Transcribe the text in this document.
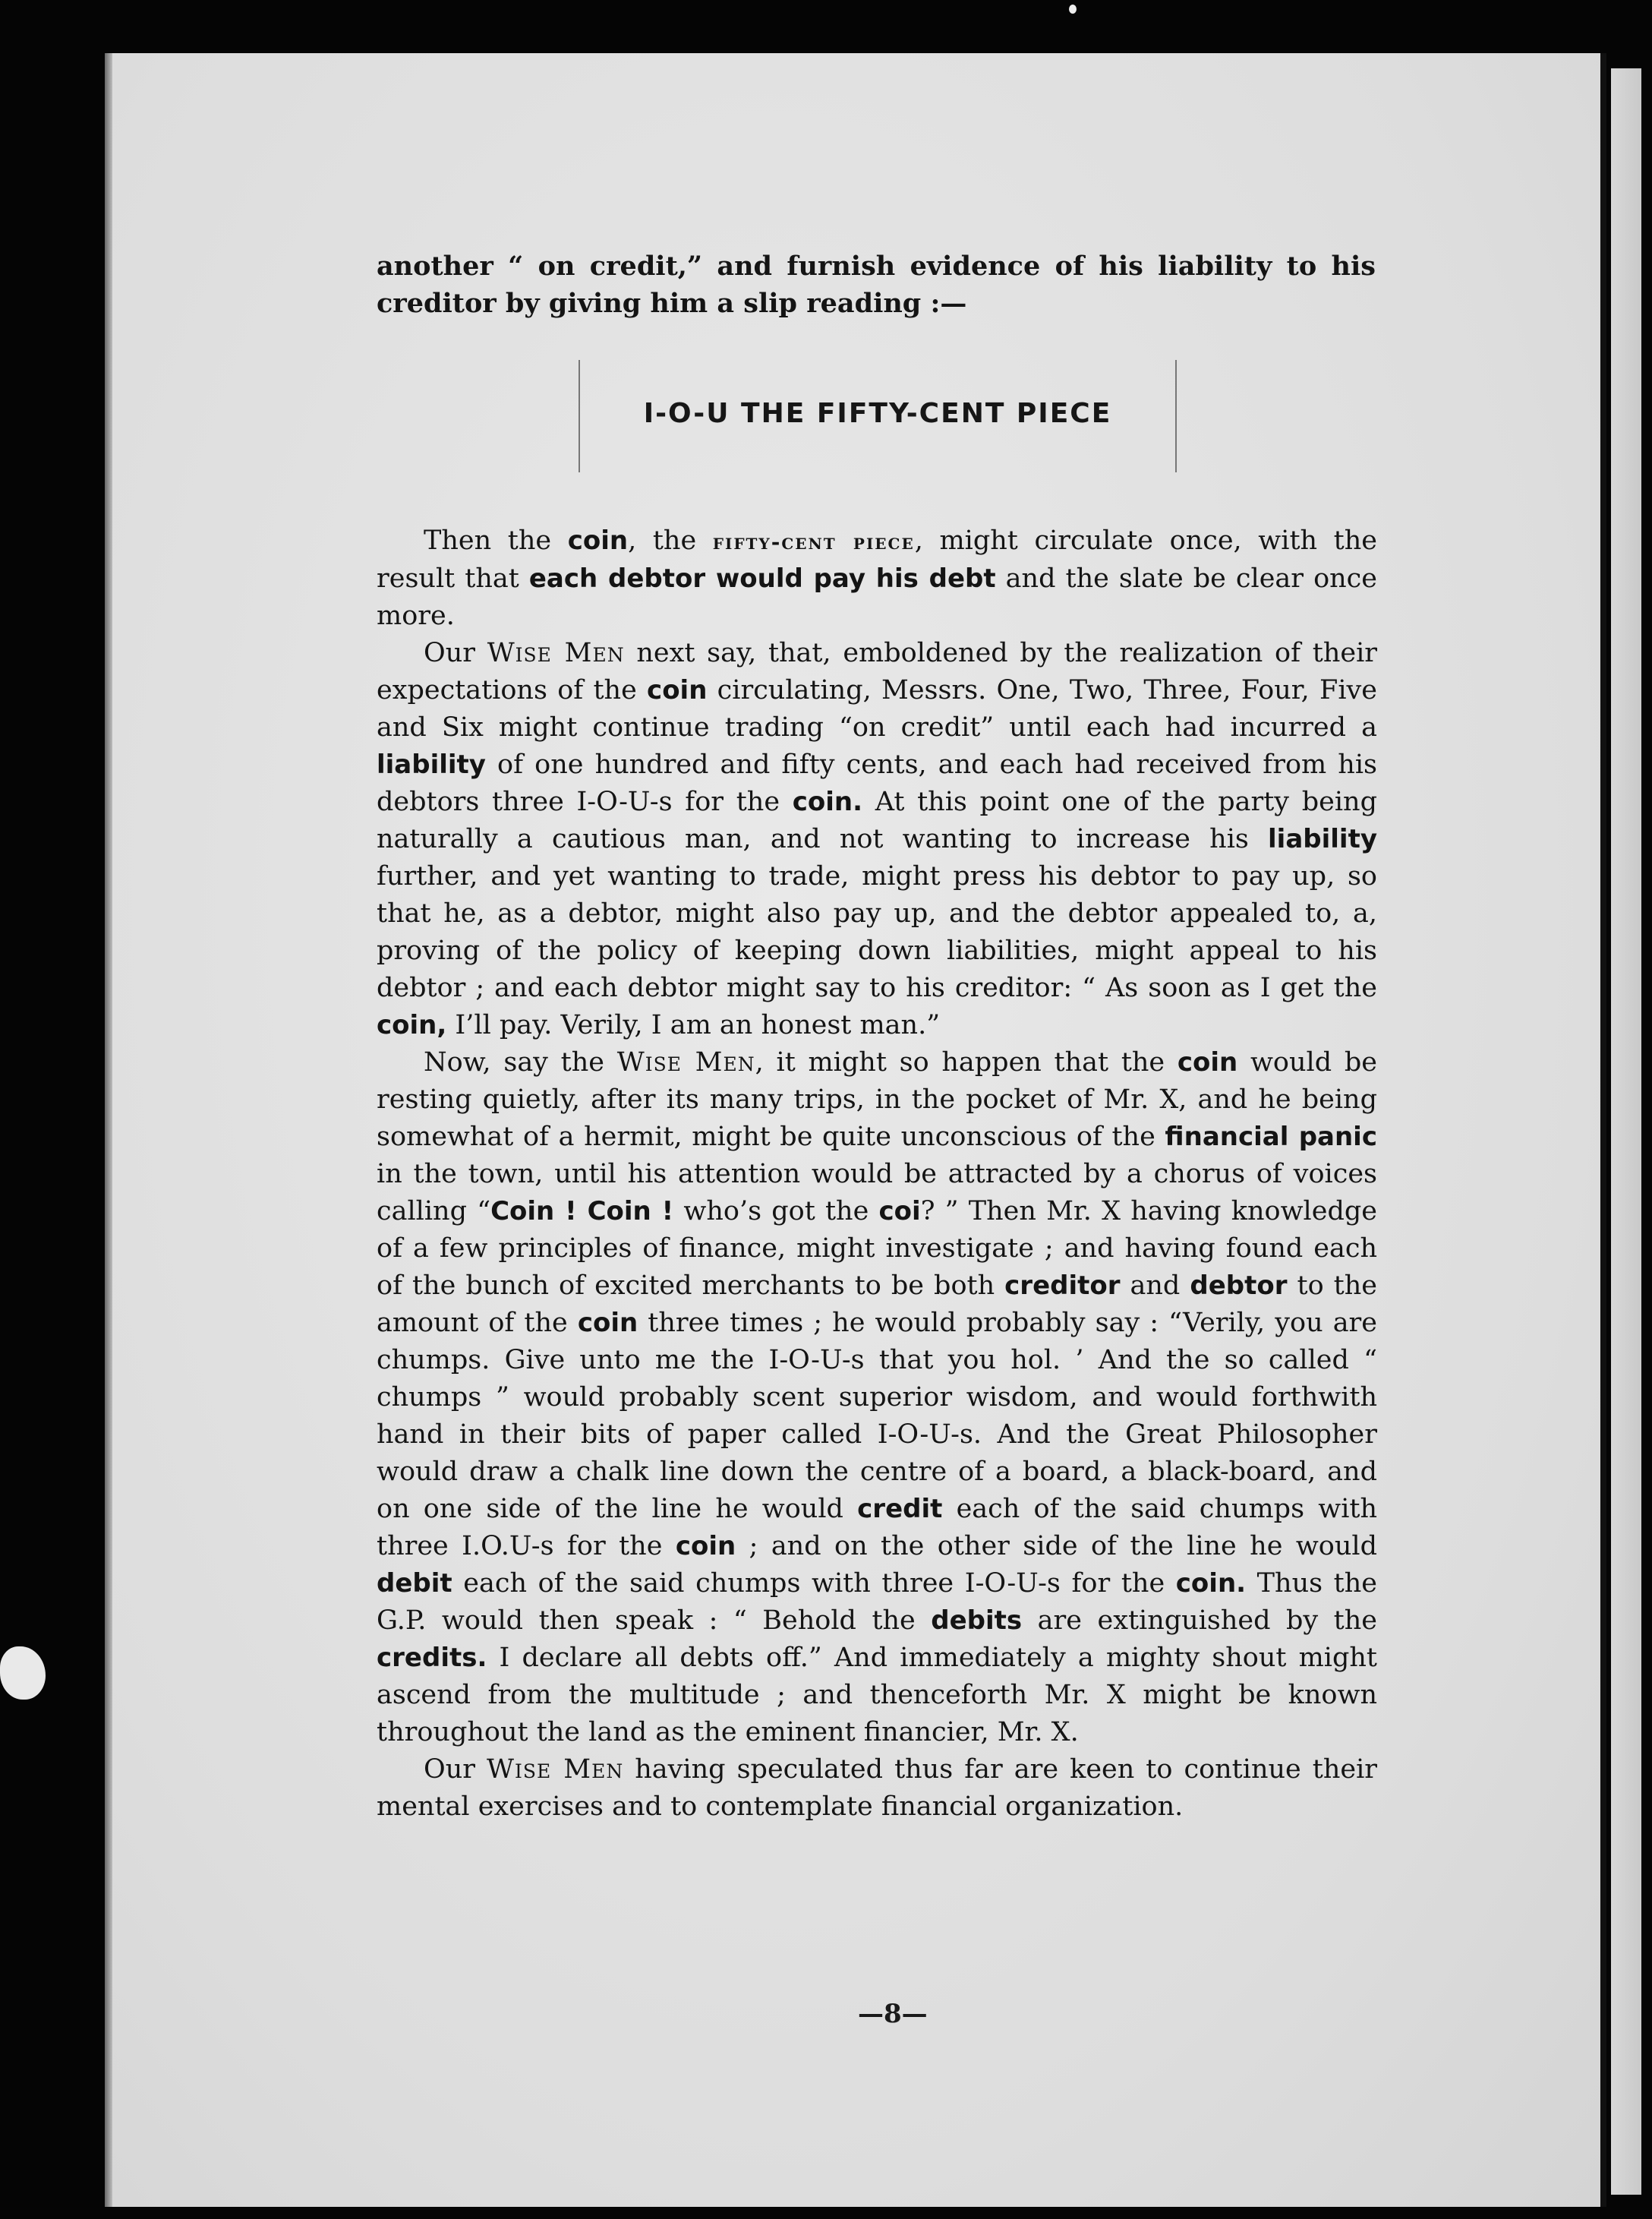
another “ on credit,” and furnish evidence of his liability to his creditor by giving him a slip reading :—
I-O-U THE FIFTY-CENT PIECE

Then the coin, the fifty-cent piece, might circulate once, with the result that each debtor would pay his debt and the slate be clear once more.

Our Wise Men next say, that, emboldened by the realization of their expectations of the coin circulating, Messrs. One, Two, Three, Four, Five and Six might continue trading “on credit” until each had incurred a liability of one hundred and fifty cents, and each had received from his debtors three I-O-U-s for the coin. At this point one of the party being naturally a cautious man, and not wanting to increase his liability further, and yet wanting to trade, might press his debtor to pay up, so that he, as a debtor, might also pay up, and the debtor appealed to, a, proving of the policy of keeping down liabilities, might appeal to his debtor ; and each debtor might say to his creditor: “ As soon as I get the coin, I’ll pay. Verily, I am an honest man.”

Now, say the Wise Men, it might so happen that the coin would be resting quietly, after its many trips, in the pocket of Mr. X, and he being somewhat of a hermit, might be quite unconscious of the financial panic in the town, until his attention would be attracted by a chorus of voices calling “Coin ! Coin ! who’s got the coi? ” Then Mr. X having knowledge of a few principles of finance, might investigate ; and having found each of the bunch of excited merchants to be both creditor and debtor to the amount of the coin three times ; he would probably say : “Verily, you are chumps. Give unto me the I-O-U-s that you hol. ’ And the so called “ chumps ” would probably scent superior wisdom, and would forthwith hand in their bits of paper called I-O-U-s. And the Great Philosopher would draw a chalk line down the centre of a board, a black-board, and on one side of the line he would credit each of the said chumps with three I.O.U-s for the coin ; and on the other side of the line he would debit each of the said chumps with three I-O-U-s for the coin. Thus the G.P. would then speak : “ Behold the debits are extinguished by the credits. I declare all debts off.” And immediately a mighty shout might ascend from the multitude ; and thenceforth Mr. X might be known throughout the land as the eminent financier, Mr. X.

Our Wise Men having speculated thus far are keen to continue their mental exercises and to contemplate financial organization.

—8—
